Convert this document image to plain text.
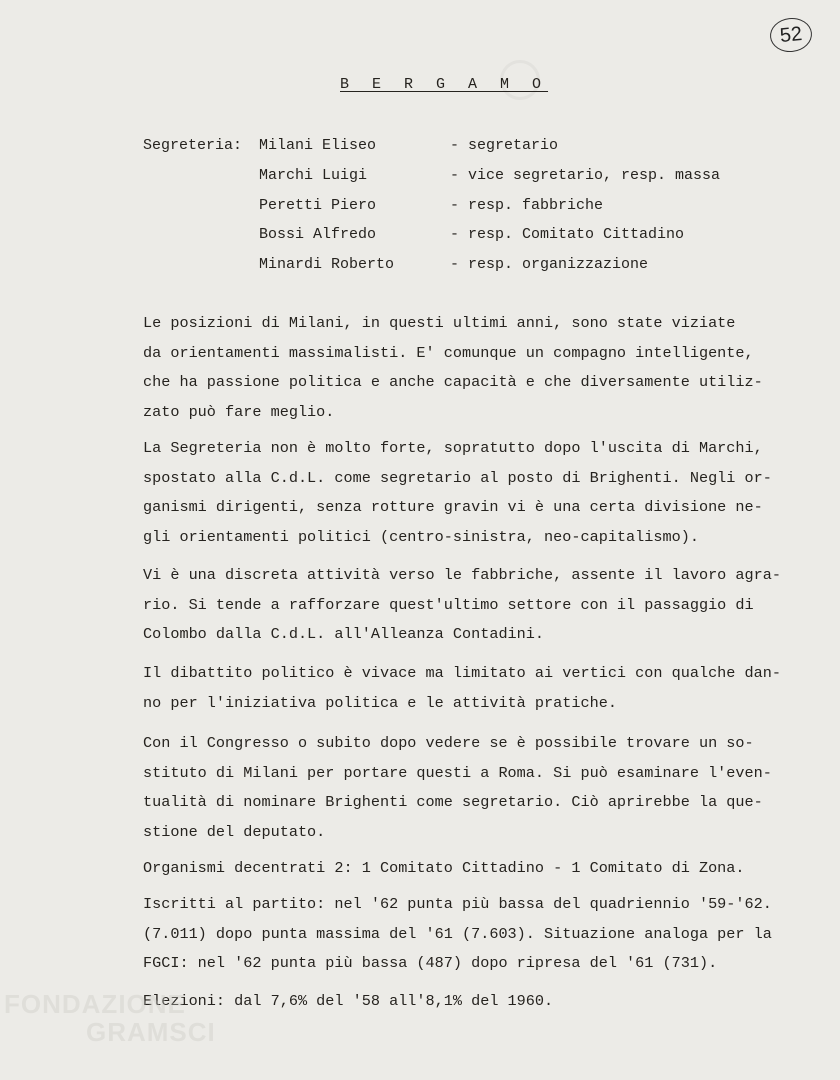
52
B E R G A M O
Segreteria: Milani Eliseo	- segretario
Marchi Luigi	- vice segretario, resp. massa
Peretti Piero	- resp. fabbriche
Bossi Alfredo	- resp. Comitato Cittadino
Minardi Roberto	- resp. organizzazione
Le posizioni di Milani, in questi ultimi anni, sono state viziate
da orientamenti massimalisti. E' comunque un compagno intelligente,
che ha passione politica e anche capacità e che diversamente utiliz-
zato può fare meglio.
La Segreteria non è molto forte, sopratutto dopo l'uscita di Marchi,
spostato alla C.d.L. come segretario al posto di Brighenti. Negli or-
ganismi dirigenti, senza rotture gravin vi è una certa divisione ne-
gli orientamenti politici (centro-sinistra, neo-capitalismo).
Vi è una discreta attività verso le fabbriche, assente il lavoro agra-
rio. Si tende a rafforzare quest'ultimo settore con il passaggio di
Colombo dalla C.d.L. all'Alleanza Contadini.
Il dibattito politico è vivace ma limitato ai vertici con qualche dan-
no per l'iniziativa politica e le attività pratiche.
Con il Congresso o subito dopo vedere se è possibile trovare un so-
stituto di Milani per portare questi a Roma. Si può esaminare l'even-
tualità di nominare Brighenti come segretario. Ciò aprirebbe la que-
stione del deputato.
Organismi decentrati 2: 1 Comitato Cittadino - 1 Comitato di Zona.
Iscritti al partito: nel '62 punta più bassa del quadriennio '59-'62.
(7.011) dopo punta massima del '61 (7.603). Situazione analoga per la
FGCI: nel '62 punta più bassa (487) dopo ripresa del '61 (731).
Elezioni: dal 7,6% del '58 all'8,1% del 1960.
FONDAZIONE
GRAMSCI
